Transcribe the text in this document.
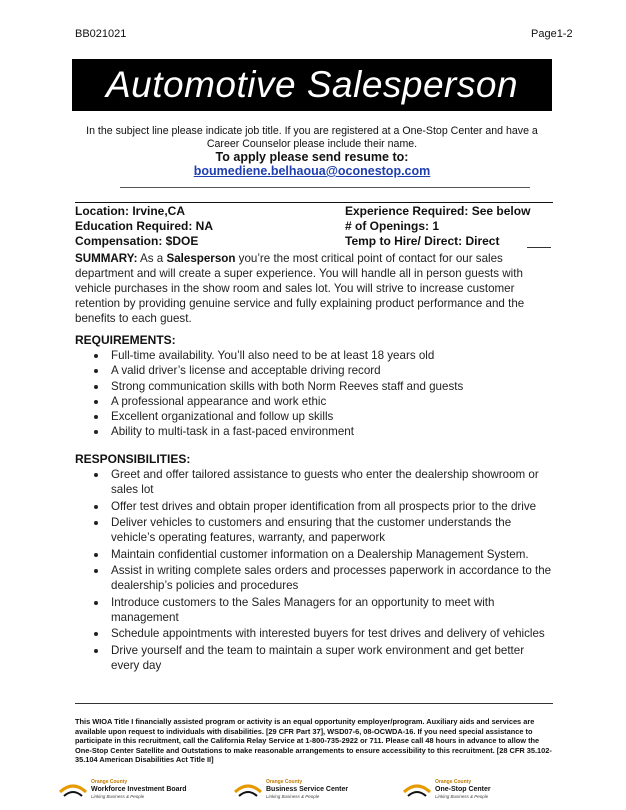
BB021021	Page1-2
Automotive Salesperson
In the subject line please indicate job title. If you are registered at a One-Stop Center and have a Career Counselor please include their name.
To apply please send resume to:
boumediene.belhaoua@oconestop.com
Location: Irvine,CA
Education Required: NA
Compensation: $DOE
Experience Required: See below
# of Openings: 1
Temp to Hire/ Direct: Direct
SUMMARY: As a Salesperson you’re the most critical point of contact for our sales department and will create a super experience. You will handle all in person guests with vehicle purchases in the show room and sales lot. You will strive to increase customer retention by providing genuine service and fully explaining product performance and the benefits to each guest.
REQUIREMENTS:
Full-time availability. You’ll also need to be at least 18 years old
A valid driver’s license and acceptable driving record
Strong communication skills with both Norm Reeves staff and guests
A professional appearance and work ethic
Excellent organizational and follow up skills
Ability to multi-task in a fast-paced environment
RESPONSIBILITIES:
Greet and offer tailored assistance to guests who enter the dealership showroom or sales lot
Offer test drives and obtain proper identification from all prospects prior to the drive
Deliver vehicles to customers and ensuring that the customer understands the vehicle’s operating features, warranty, and paperwork
Maintain confidential customer information on a Dealership Management System.
Assist in writing complete sales orders and processes paperwork in accordance to the dealership’s policies and procedures
Introduce customers to the Sales Managers for an opportunity to meet with management
Schedule appointments with interested buyers for test drives and delivery of vehicles
Drive yourself and the team to maintain a super work environment and get better every day
This WIOA Title I financially assisted program or activity is an equal opportunity employer/program. Auxiliary aids and services are available upon request to individuals with disabilities. [29 CFR Part 37], WSD07-6, 08-OCWDA-16. If you need special assistance to participate in this recruitment, call the California Relay Service at 1-800-735-2922 or 711. Please call 48 hours in advance to allow the One-Stop Center Satellite and Outstations to make reasonable arrangements to ensure accessibility to this recruitment. [28 CFR 35.102-35.104 American Disabilities Act Title II]
Orange County
Workforce Investment Board
Linking Business & People
Orange County
Business Service Center
Linking Business & People
Orange County
One-Stop Center
Linking Business & People
